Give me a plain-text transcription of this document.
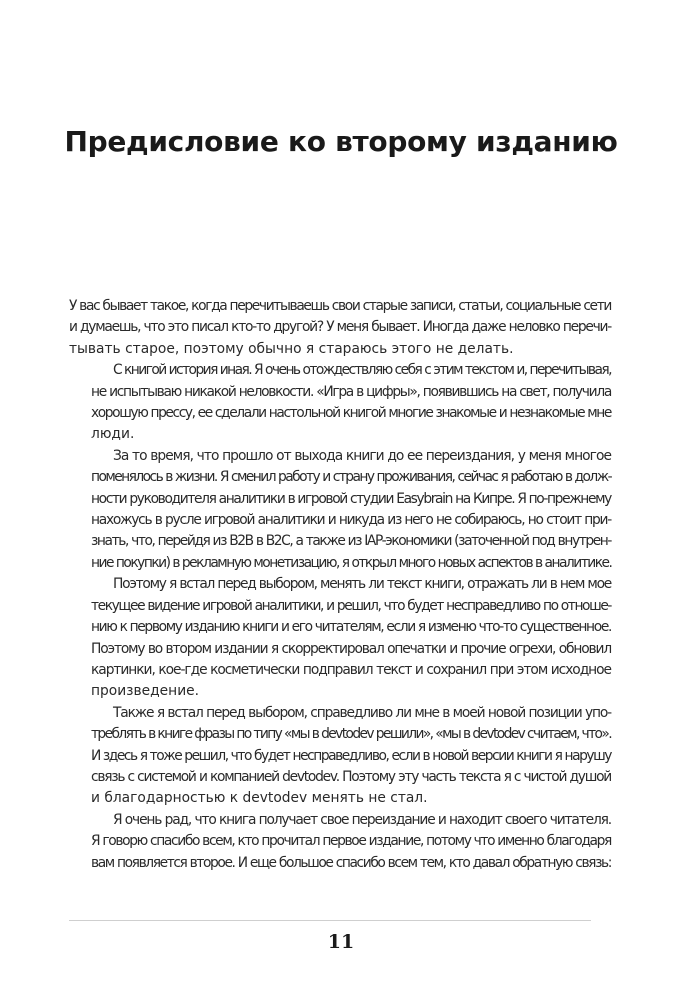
Предисловие ко второму изданию

У вас бывает такое, когда перечитываешь свои старые записи, статьи, социальные сети
и думаешь, что это писал кто-то другой? У меня бывает. Иногда даже неловко перечи-
тывать старое, поэтому обычно я стараюсь этого не делать.

С книгой история иная. Я очень отождествляю себя с этим текстом и, перечитывая,
не испытываю никакой неловкости. «Игра в цифры», появившись на свет, получила
хорошую прессу, ее сделали настольной книгой многие знакомые и незнакомые мне
люди.

За то время, что прошло от выхода книги до ее переиздания, у меня многое
поменялось в жизни. Я сменил работу и страну проживания, сейчас я работаю в долж-
ности руководителя аналитики в игровой студии Easybrain на Кипре. Я по-прежнему
нахожусь в русле игровой аналитики и никуда из него не собираюсь, но стоит при-
знать, что, перейдя из B2B в B2C, а также из IAP-экономики (заточенной под внутрен-
ние покупки) в рекламную монетизацию, я открыл много новых аспектов в аналитике.

Поэтому я встал перед выбором, менять ли текст книги, отражать ли в нем мое
текущее видение игровой аналитики, и решил, что будет несправедливо по отноше-
нию к первому изданию книги и его читателям, если я изменю что-то существенное.
Поэтому во втором издании я скорректировал опечатки и прочие огрехи, обновил
картинки, кое-где косметически подправил текст и сохранил при этом исходное
произведение.

Также я встал перед выбором, справедливо ли мне в моей новой позиции упо-
треблять в книге фразы по типу «мы в devtodev решили», «мы в devtodev считаем, что».
И здесь я тоже решил, что будет несправедливо, если в новой версии книги я нарушу
связь с системой и компанией devtodev. Поэтому эту часть текста я с чистой душой
и благодарностью к devtodev менять не стал.

Я очень рад, что книга получает свое переиздание и находит своего читателя.
Я говорю спасибо всем, кто прочитал первое издание, потому что именно благодаря
вам появляется второе. И еще большое спасибо всем тем, кто давал обратную связь:

11
